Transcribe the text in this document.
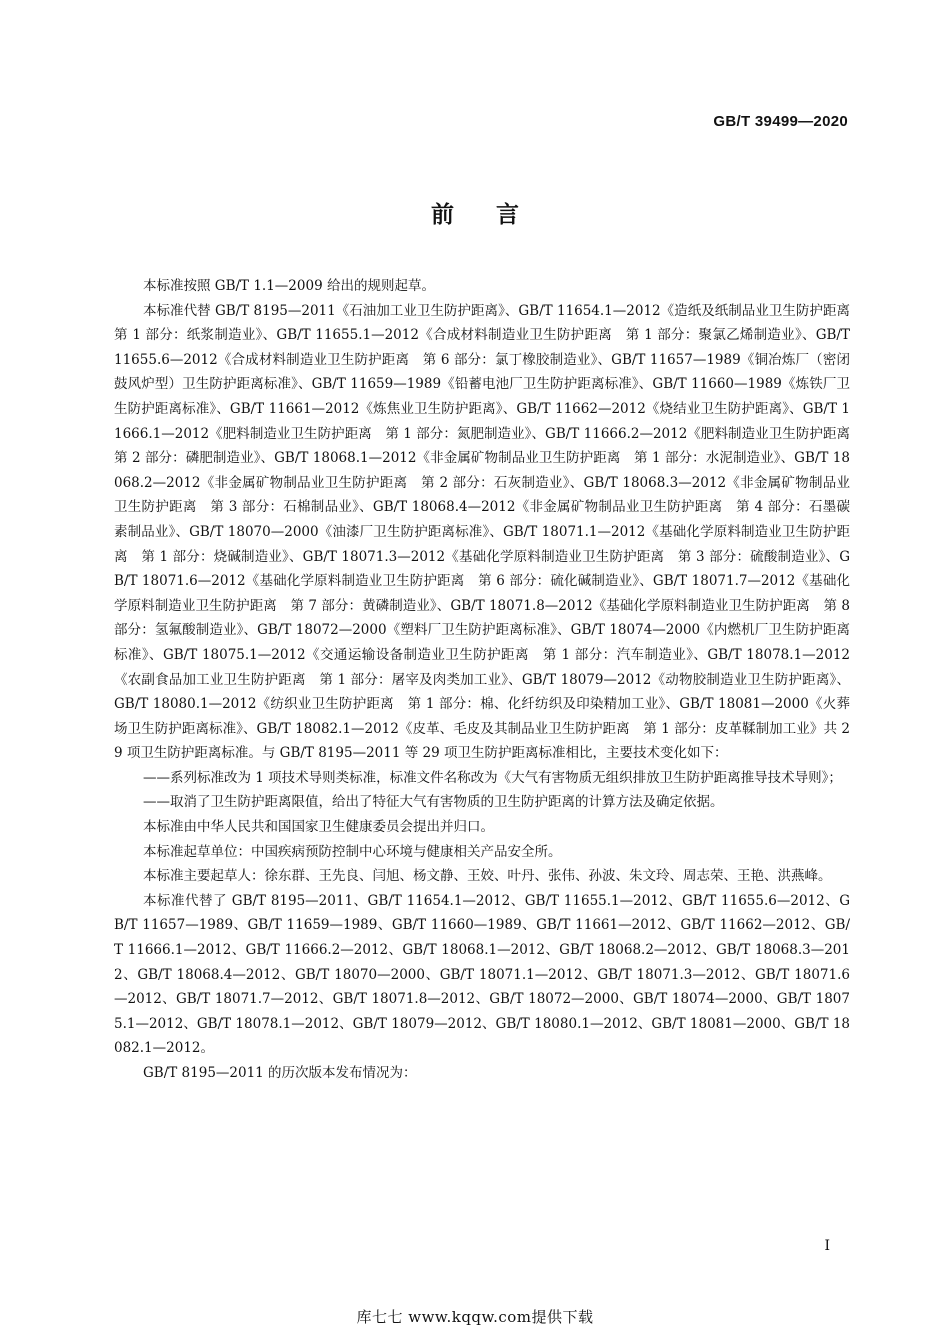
GB/T 39499—2020
前言

本标准按照 GB/T 1.1—2009 给出的规则起草。

本标准代替 GB/T 8195—2011《石油加工业卫生防护距离》、GB/T 11654.1—2012《造纸及纸制品业卫生防护距离　第 1 部分：纸浆制造业》、GB/T 11655.1—2012《合成材料制造业卫生防护距离　第 1 部分：聚氯乙烯制造业》、GB/T 11655.6—2012《合成材料制造业卫生防护距离　第 6 部分：氯丁橡胶制造业》、GB/T 11657—1989《铜冶炼厂（密闭鼓风炉型）卫生防护距离标准》、GB/T 11659—1989《铅蓄电池厂卫生防护距离标准》、GB/T 11660—1989《炼铁厂卫生防护距离标准》、GB/T 11661—2012《炼焦业卫生防护距离》、GB/T 11662—2012《烧结业卫生防护距离》、GB/T 11666.1—2012《肥料制造业卫生防护距离　第 1 部分：氮肥制造业》、GB/T 11666.2—2012《肥料制造业卫生防护距离　第 2 部分：磷肥制造业》、GB/T 18068.1—2012《非金属矿物制品业卫生防护距离　第 1 部分：水泥制造业》、GB/T 18068.2—2012《非金属矿物制品业卫生防护距离　第 2 部分：石灰制造业》、GB/T 18068.3—2012《非金属矿物制品业卫生防护距离　第 3 部分：石棉制品业》、GB/T 18068.4—2012《非金属矿物制品业卫生防护距离　第 4 部分：石墨碳素制品业》、GB/T 18070—2000《油漆厂卫生防护距离标准》、GB/T 18071.1—2012《基础化学原料制造业卫生防护距离　第 1 部分：烧碱制造业》、GB/T 18071.3—2012《基础化学原料制造业卫生防护距离　第 3 部分：硫酸制造业》、GB/T 18071.6—2012《基础化学原料制造业卫生防护距离　第 6 部分：硫化碱制造业》、GB/T 18071.7—2012《基础化学原料制造业卫生防护距离　第 7 部分：黄磷制造业》、GB/T 18071.8—2012《基础化学原料制造业卫生防护距离　第 8 部分：氢氟酸制造业》、GB/T 18072—2000《塑料厂卫生防护距离标准》、GB/T 18074—2000《内燃机厂卫生防护距离标准》、GB/T 18075.1—2012《交通运输设备制造业卫生防护距离　第 1 部分：汽车制造业》、GB/T 18078.1—2012《农副食品加工业卫生防护距离　第 1 部分：屠宰及肉类加工业》、GB/T 18079—2012《动物胶制造业卫生防护距离》、GB/T 18080.1—2012《纺织业卫生防护距离　第 1 部分：棉、化纤纺织及印染精加工业》、GB/T 18081—2000《火葬场卫生防护距离标准》、GB/T 18082.1—2012《皮革、毛皮及其制品业卫生防护距离　第 1 部分：皮革鞣制加工业》共 29 项卫生防护距离标准。与 GB/T 8195—2011 等 29 项卫生防护距离标准相比，主要技术变化如下：

——系列标准改为 1 项技术导则类标准，标准文件名称改为《大气有害物质无组织排放卫生防护距离推导技术导则》；

——取消了卫生防护距离限值，给出了特征大气有害物质的卫生防护距离的计算方法及确定依据。

本标准由中华人民共和国国家卫生健康委员会提出并归口。

本标准起草单位：中国疾病预防控制中心环境与健康相关产品安全所。

本标准主要起草人：徐东群、王先良、闫旭、杨文静、王姣、叶丹、张伟、孙波、朱文玲、周志荣、王艳、洪燕峰。

本标准代替了 GB/T 8195—2011、GB/T 11654.1—2012、GB/T 11655.1—2012、GB/T 11655.6—2012、GB/T 11657—1989、GB/T 11659—1989、GB/T 11660—1989、GB/T 11661—2012、GB/T 11662—2012、GB/T 11666.1—2012、GB/T 11666.2—2012、GB/T 18068.1—2012、GB/T 18068.2—2012、GB/T 18068.3—2012、GB/T 18068.4—2012、GB/T 18070—2000、GB/T 18071.1—2012、GB/T 18071.3—2012、GB/T 18071.6—2012、GB/T 18071.7—2012、GB/T 18071.8—2012、GB/T 18072—2000、GB/T 18074—2000、GB/T 18075.1—2012、GB/T 18078.1—2012、GB/T 18079—2012、GB/T 18080.1—2012、GB/T 18081—2000、GB/T 18082.1—2012。

GB/T 8195—2011 的历次版本发布情况为：

I
库七七 www.kqqw.com提供下载
